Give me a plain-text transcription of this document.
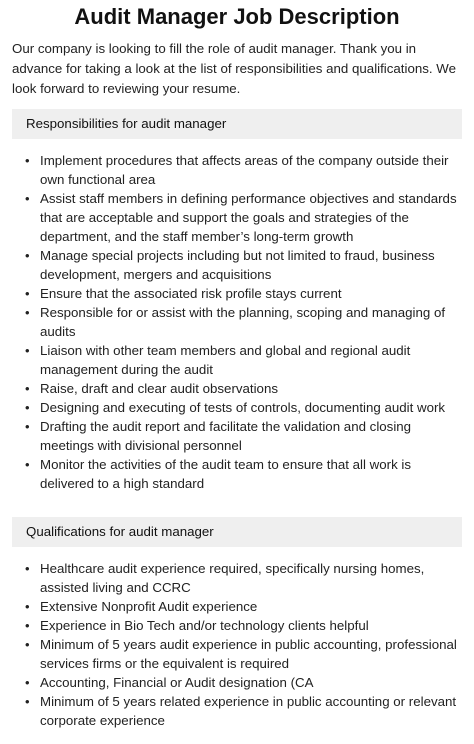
Audit Manager Job Description

Our company is looking to fill the role of audit manager. Thank you in advance for taking a look at the list of responsibilities and qualifications. We look forward to reviewing your resume.

Responsibilities for audit manager
• Implement procedures that affects areas of the company outside their own functional area
• Assist staff members in defining performance objectives and standards that are acceptable and support the goals and strategies of the department, and the staff member’s long-term growth
• Manage special projects including but not limited to fraud, business development, mergers and acquisitions
• Ensure that the associated risk profile stays current
• Responsible for or assist with the planning, scoping and managing of audits
• Liaison with other team members and global and regional audit management during the audit
• Raise, draft and clear audit observations
• Designing and executing of tests of controls, documenting audit work
• Drafting the audit report and facilitate the validation and closing meetings with divisional personnel
• Monitor the activities of the audit team to ensure that all work is delivered to a high standard
Qualifications for audit manager
• Healthcare audit experience required, specifically nursing homes, assisted living and CCRC
• Extensive Nonprofit Audit experience
• Experience in Bio Tech and/or technology clients helpful
• Minimum of 5 years audit experience in public accounting, professional services firms or the equivalent is required
• Accounting, Financial or Audit designation (CA
• Minimum of 5 years related experience in public accounting or relevant corporate experience
